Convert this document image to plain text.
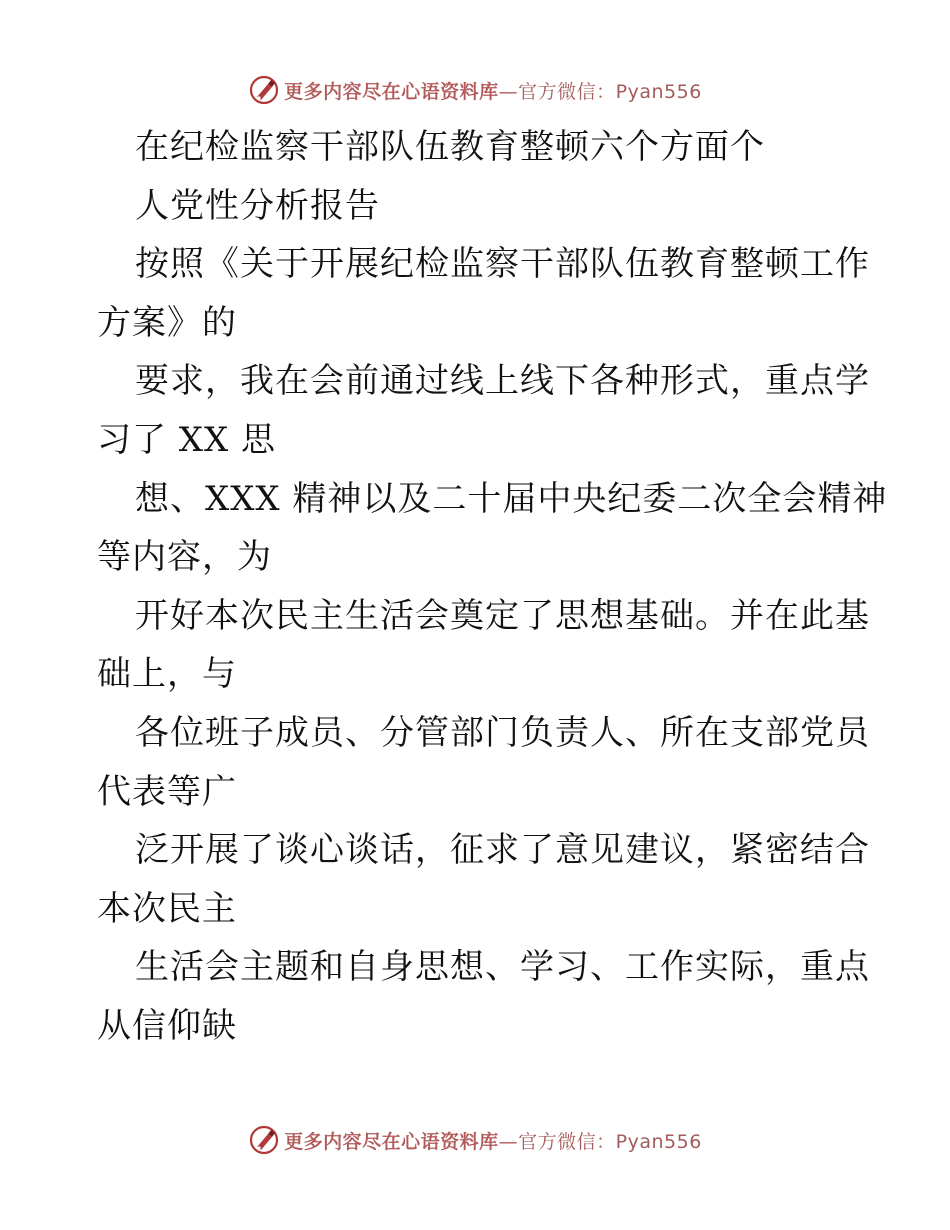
更多内容尽在心语资料库—官方微信：Pyan556
在纪检监察干部队伍教育整顿六个方面个
人党性分析报告
按照《关于开展纪检监察干部队伍教育整顿工作
方案》的
要求，我在会前通过线上线下各种形式，重点学
习了 XX 思
想、XXX 精神以及二十届中央纪委二次全会精神
等内容，为
开好本次民主生活会奠定了思想基础。并在此基
础上，与
各位班子成员、分管部门负责人、所在支部党员
代表等广
泛开展了谈心谈话，征求了意见建议，紧密结合
本次民主
生活会主题和自身思想、学习、工作实际，重点
从信仰缺
更多内容尽在心语资料库—官方微信：Pyan556
